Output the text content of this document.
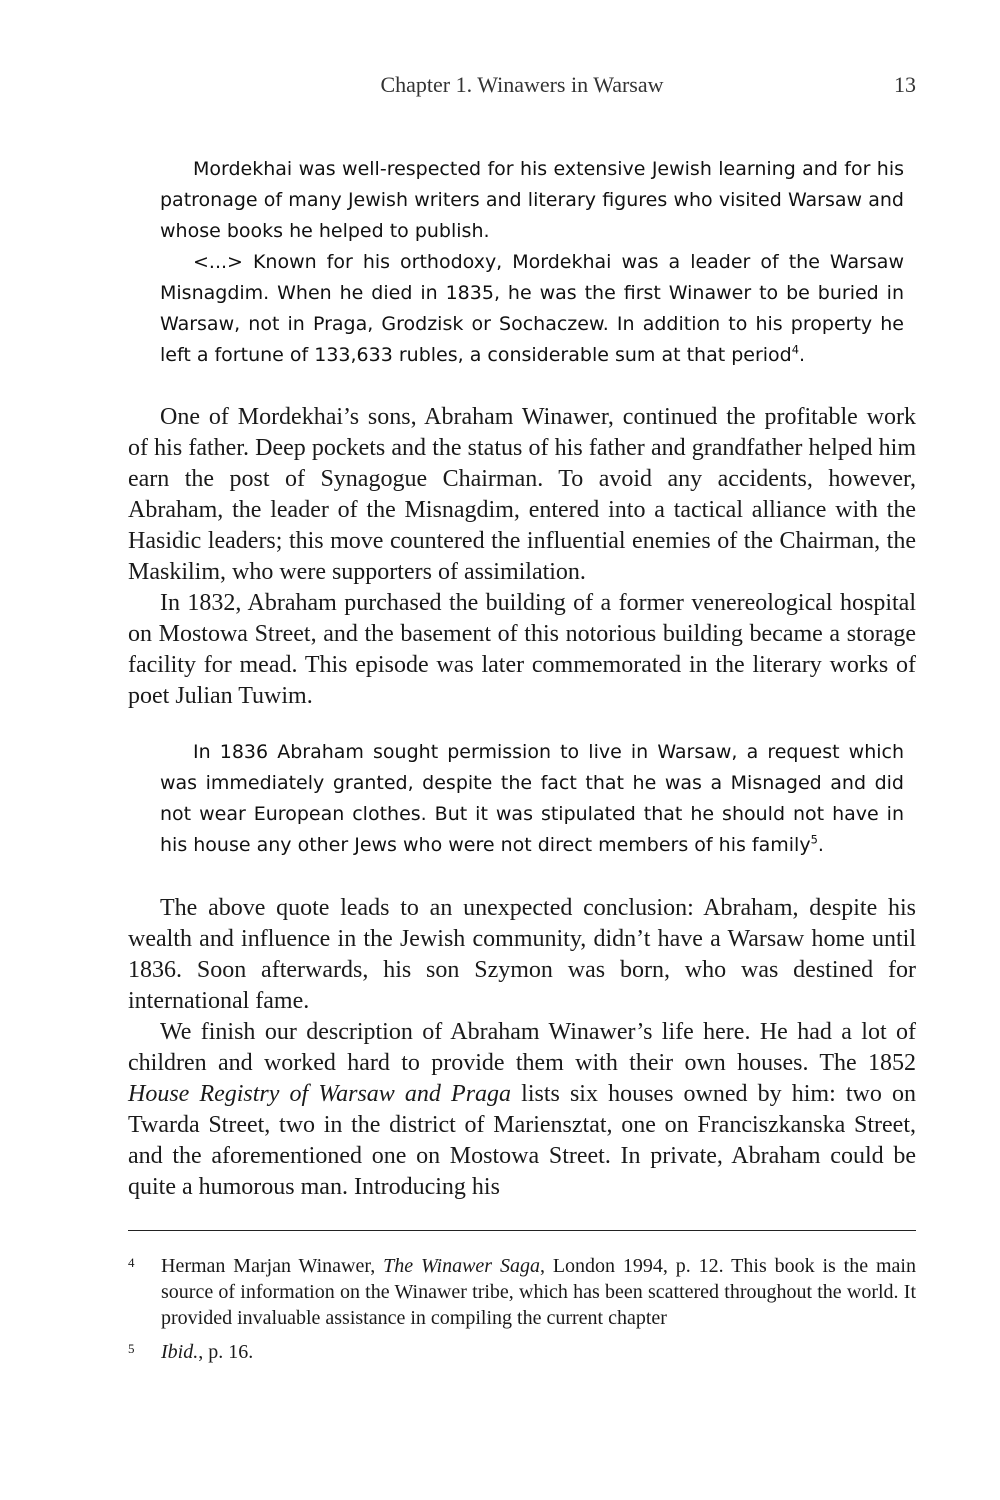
Chapter 1. Winawers in Warsaw	13

Mordekhai was well-respected for his extensive Jewish learning and for his patronage of many Jewish writers and literary figures who visited Warsaw and whose books he helped to publish.

<...> Known for his orthodoxy, Mordekhai was a leader of the Warsaw Misnagdim. When he died in 1835, he was the first Winawer to be buried in Warsaw, not in Praga, Grodzisk or Sochaczew. In addition to his property he left a fortune of 133,633 rubles, a considerable sum at that period$^4$.

One of Mordekhai’s sons, Abraham Winawer, continued the profitable work of his father. Deep pockets and the status of his father and grandfather helped him earn the post of Synagogue Chairman. To avoid any accidents, however, Abraham, the leader of the Misnagdim, entered into a tactical alliance with the Hasidic leaders; this move countered the influential enemies of the Chairman, the Maskilim, who were supporters of assimilation.

In 1832, Abraham purchased the building of a former venereological hospital on Mostowa Street, and the basement of this notorious building became a storage facility for mead. This episode was later commemorated in the literary works of poet Julian Tuwim.

In 1836 Abraham sought permission to live in Warsaw, a request which was immediately granted, despite the fact that he was a Misnaged and did not wear European clothes. But it was stipulated that he should not have in his house any other Jews who were not direct members of his family$^5$.

The above quote leads to an unexpected conclusion: Abraham, despite his wealth and influence in the Jewish community, didn’t have a Warsaw home until 1836. Soon afterwards, his son Szymon was born, who was destined for international fame.

We finish our description of Abraham Winawer’s life here. He had a lot of children and worked hard to provide them with their own houses. The 1852 House Registry of Warsaw and Praga lists six houses owned by him: two on Twarda Street, two in the district of Mariensztat, one on Franciszkanska Street, and the aforementioned one on Mostowa Street. In private, Abraham could be quite a humorous man. Introducing his

4 Herman Marjan Winawer, The Winawer Saga, London 1994, p. 12. This book is the main source of information on the Winawer tribe, which has been scattered throughout the world. It provided invaluable assistance in compiling the current chapter
5 Ibid., p. 16.
